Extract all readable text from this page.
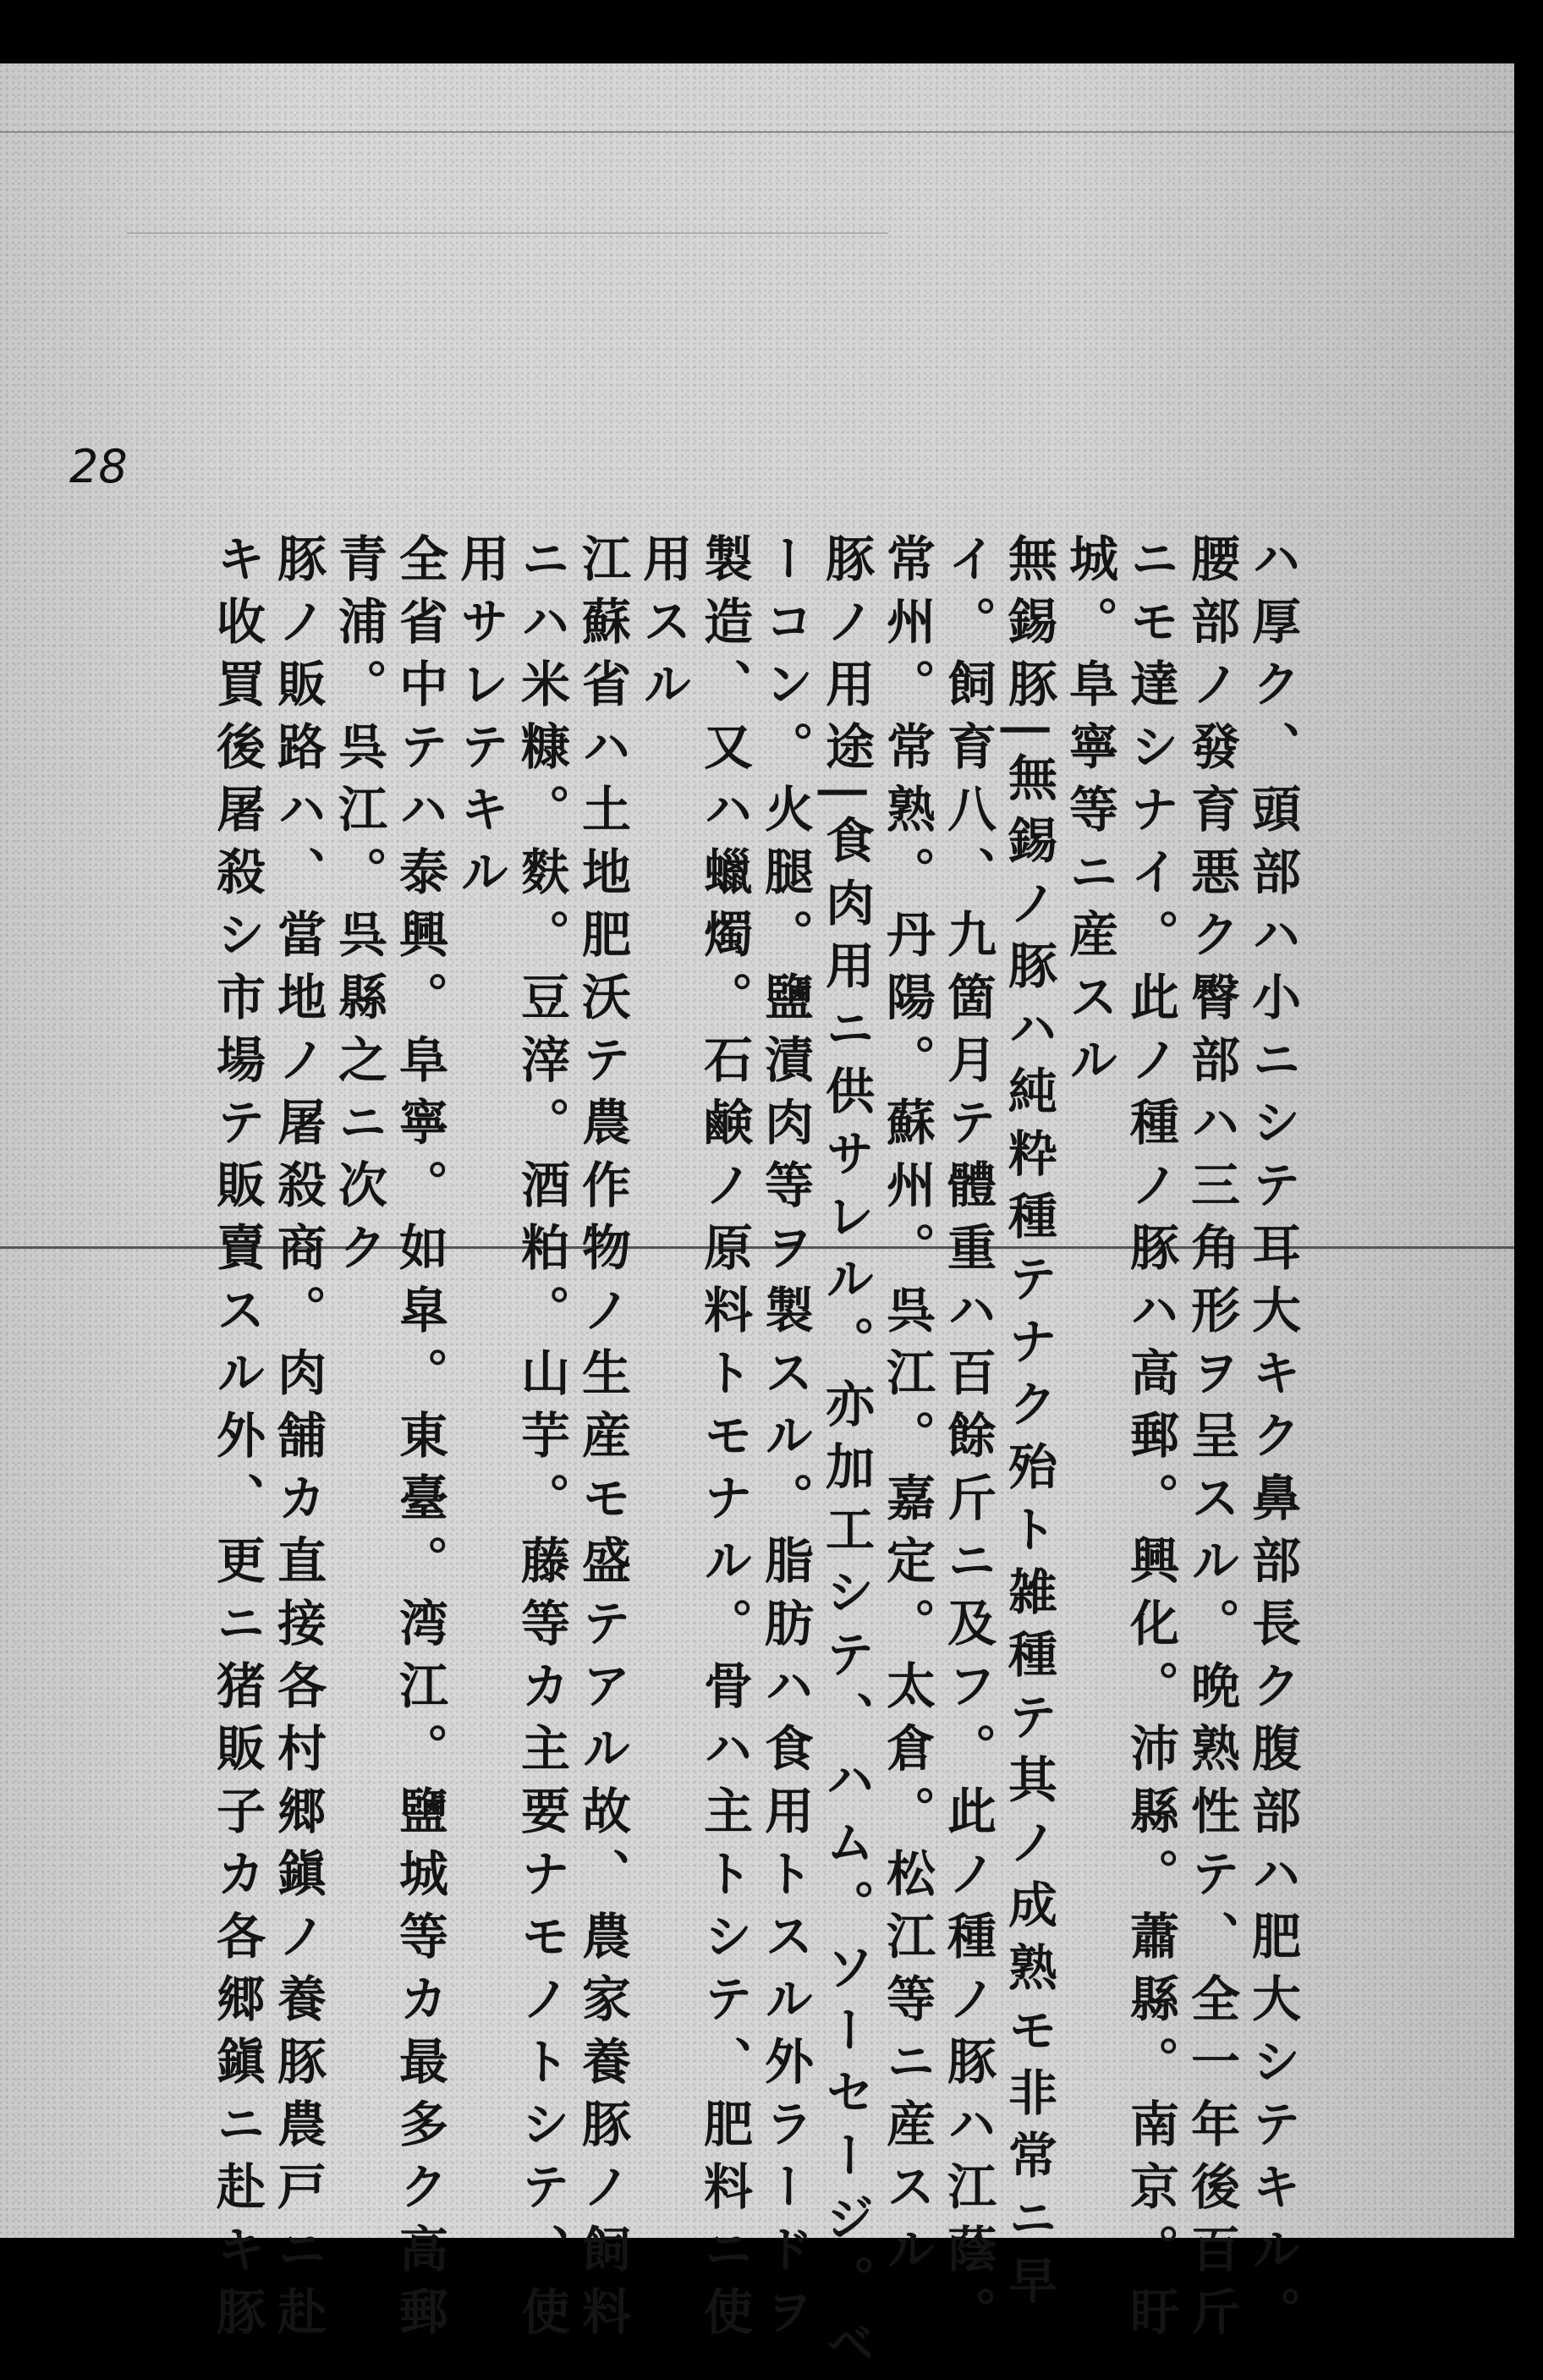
28
ハ厚ク、頭部ハ小ニシテ耳大キク鼻部長ク腹部ハ肥大シテキル。
腰部ノ發育悪ク臀部ハ三角形ヲ呈スル。晩熟性テ、全一年後百斤
ニモ達シナイ。此ノ種ノ豚ハ高郵。興化。沛縣。蕭縣。南京。盱
城。阜寧等ニ産スル
無錫豚|無錫ノ豚ハ純粋種テナク殆ト雑種テ其ノ成熟モ非常ニ早
イ。飼育八、九箇月テ體重ハ百餘斤ニ及フ。此ノ種ノ豚ハ江蔭。
常州。常熟。丹陽。蘇州。呉江。嘉定。太倉。松江等ニ産スル
豚ノ用途|食肉用ニ供サレル。亦加工シテ、ハム。ソーセージ。ベ
ーコン。火腿。鹽漬肉等ヲ製スル。脂肪ハ食用トスル外ラードヲ
製造、又ハ蠟燭。石鹸ノ原料トモナル。骨ハ主トシテ、肥料ニ使
用スル
江蘇省ハ土地肥沃テ農作物ノ生産モ盛テアル故、農家養豚ノ飼料
ニハ米糠。麩。豆滓。酒粕。山芋。藤等カ主要ナモノトシテ、使
用サレテキル
全省中テハ泰興。阜寧。如皐。東臺。湾江。鹽城等カ最多ク高郵
青浦。呉江。呉縣之ニ次ク
豚ノ販路ハ、當地ノ屠殺商。肉舗カ直接各村郷鎭ノ養豚農戸ニ赴
キ收買後屠殺シ市場テ販賣スル外、更ニ猪販子カ各郷鎭ニ赴キ豚
